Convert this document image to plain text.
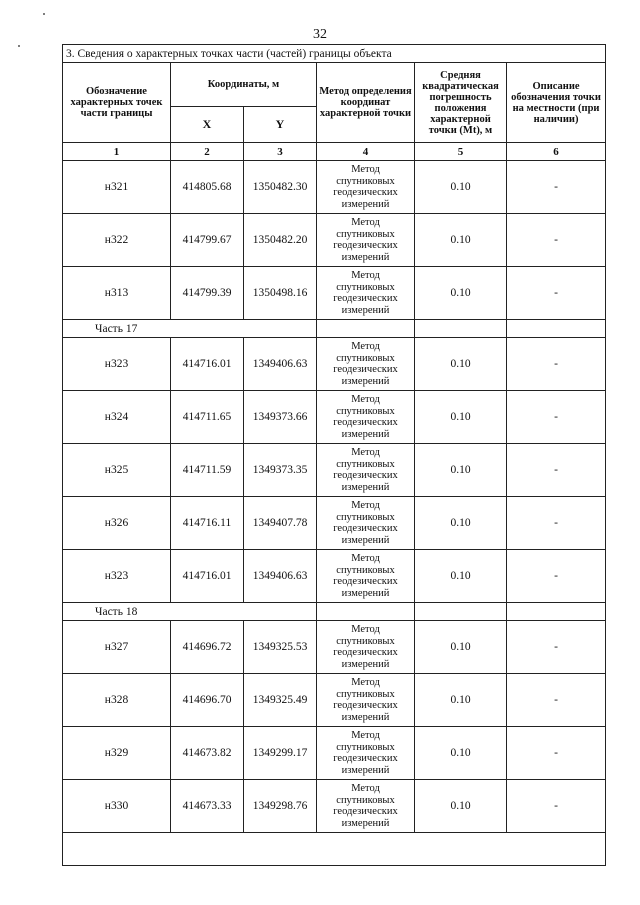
32
3. Сведения о характерных точках части (частей) границы объекта					
Обозначение характерных точек части границы	Координаты, м		Метод определения координат характерной точки	Средняя квадратическая погрешность положения характерной точки (Mt), м	Описание обозначения точки на местности (при наличии)
	X	Y			
1	2	3	4	5	6
н321	414805.68	1350482.30	Метод
спутниковых
геодезических
измерений	0.10	-
н322	414799.67	1350482.20	Метод
спутниковых
геодезических
измерений	0.10	-
н313	414799.39	1350498.16	Метод
спутниковых
геодезических
измерений	0.10	-
Часть 17					
н323	414716.01	1349406.63	Метод
спутниковых
геодезических
измерений	0.10	-
н324	414711.65	1349373.66	Метод
спутниковых
геодезических
измерений	0.10	-
н325	414711.59	1349373.35	Метод
спутниковых
геодезических
измерений	0.10	-
н326	414716.11	1349407.78	Метод
спутниковых
геодезических
измерений	0.10	-
н323	414716.01	1349406.63	Метод
спутниковых
геодезических
измерений	0.10	-
Часть 18					
н327	414696.72	1349325.53	Метод
спутниковых
геодезических
измерений	0.10	-
н328	414696.70	1349325.49	Метод
спутниковых
геодезических
измерений	0.10	-
н329	414673.82	1349299.17	Метод
спутниковых
геодезических
измерений	0.10	-
н330	414673.33	1349298.76	Метод
спутниковых
геодезических
измерений	0.10	-
